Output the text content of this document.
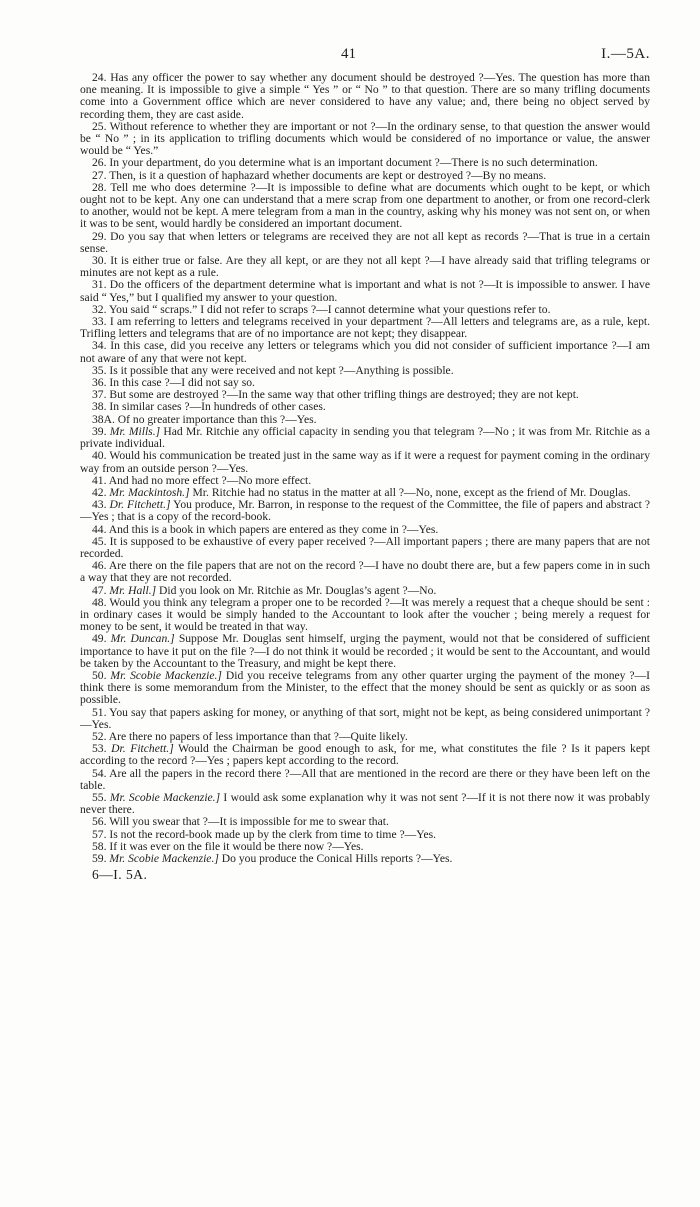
41	I.—5A.

24. Has any officer the power to say whether any document should be destroyed ?—Yes. The question has more than one meaning. It is impossible to give a simple “ Yes ” or “ No ” to that question. There are so many trifling documents come into a Government office which are never considered to have any value; and, there being no object served by recording them, they are cast aside.

25. Without reference to whether they are important or not ?—In the ordinary sense, to that question the answer would be “ No ” ; in its application to trifling documents which would be considered of no importance or value, the answer would be “ Yes.”

26. In your department, do you determine what is an important document ?—There is no such determination.

27. Then, is it a question of haphazard whether documents are kept or destroyed ?—By no means.

28. Tell me who does determine ?—It is impossible to define what are documents which ought to be kept, or which ought not to be kept. Any one can understand that a mere scrap from one department to another, or from one record-clerk to another, would not be kept. A mere telegram from a man in the country, asking why his money was not sent on, or when it was to be sent, would hardly be considered an important document.

29. Do you say that when letters or telegrams are received they are not all kept as records ?—That is true in a certain sense.

30. It is either true or false. Are they all kept, or are they not all kept ?—I have already said that trifling telegrams or minutes are not kept as a rule.

31. Do the officers of the department determine what is important and what is not ?—It is impossible to answer. I have said “ Yes,” but I qualified my answer to your question.

32. You said “ scraps.” I did not refer to scraps ?—I cannot determine what your questions refer to.

33. I am referring to letters and telegrams received in your department ?—All letters and telegrams are, as a rule, kept. Trifling letters and telegrams that are of no importance are not kept; they disappear.

34. In this case, did you receive any letters or telegrams which you did not consider of sufficient importance ?—I am not aware of any that were not kept.

35. Is it possible that any were received and not kept ?—Anything is possible.

36. In this case ?—I did not say so.

37. But some are destroyed ?—In the same way that other trifling things are destroyed; they are not kept.

38. In similar cases ?—In hundreds of other cases.

38A. Of no greater importance than this ?—Yes.

39. Mr. Mills.] Had Mr. Ritchie any official capacity in sending you that telegram ?—No ; it was from Mr. Ritchie as a private individual.

40. Would his communication be treated just in the same way as if it were a request for payment coming in the ordinary way from an outside person ?—Yes.

41. And had no more effect ?—No more effect.

42. Mr. Mackintosh.] Mr. Ritchie had no status in the matter at all ?—No, none, except as the friend of Mr. Douglas.

43. Dr. Fitchett.] You produce, Mr. Barron, in response to the request of the Committee, the file of papers and abstract ?—Yes ; that is a copy of the record-book.

44. And this is a book in which papers are entered as they come in ?—Yes.

45. It is supposed to be exhaustive of every paper received ?—All important papers ; there are many papers that are not recorded.

46. Are there on the file papers that are not on the record ?—I have no doubt there are, but a few papers come in in such a way that they are not recorded.

47. Mr. Hall.] Did you look on Mr. Ritchie as Mr. Douglas’s agent ?—No.

48. Would you think any telegram a proper one to be recorded ?—It was merely a request that a cheque should be sent : in ordinary cases it would be simply handed to the Accountant to look after the voucher ; being merely a request for money to be sent, it would be treated in that way.

49. Mr. Duncan.] Suppose Mr. Douglas sent himself, urging the payment, would not that be considered of sufficient importance to have it put on the file ?—I do not think it would be recorded ; it would be sent to the Accountant, and would be taken by the Accountant to the Treasury, and might be kept there.

50. Mr. Scobie Mackenzie.] Did you receive telegrams from any other quarter urging the payment of the money ?—I think there is some memorandum from the Minister, to the effect that the money should be sent as quickly or as soon as possible.

51. You say that papers asking for money, or anything of that sort, might not be kept, as being considered unimportant ?—Yes.

52. Are there no papers of less importance than that ?—Quite likely.

53. Dr. Fitchett.] Would the Chairman be good enough to ask, for me, what constitutes the file ? Is it papers kept according to the record ?—Yes ; papers kept according to the record.

54. Are all the papers in the record there ?—All that are mentioned in the record are there or they have been left on the table.

55. Mr. Scobie Mackenzie.] I would ask some explanation why it was not sent ?—If it is not there now it was probably never there.

56. Will you swear that ?—It is impossible for me to swear that.

57. Is not the record-book made up by the clerk from time to time ?—Yes.

58. If it was ever on the file it would be there now ?—Yes.

59. Mr. Scobie Mackenzie.] Do you produce the Conical Hills reports ?—Yes.

6—I. 5A.
